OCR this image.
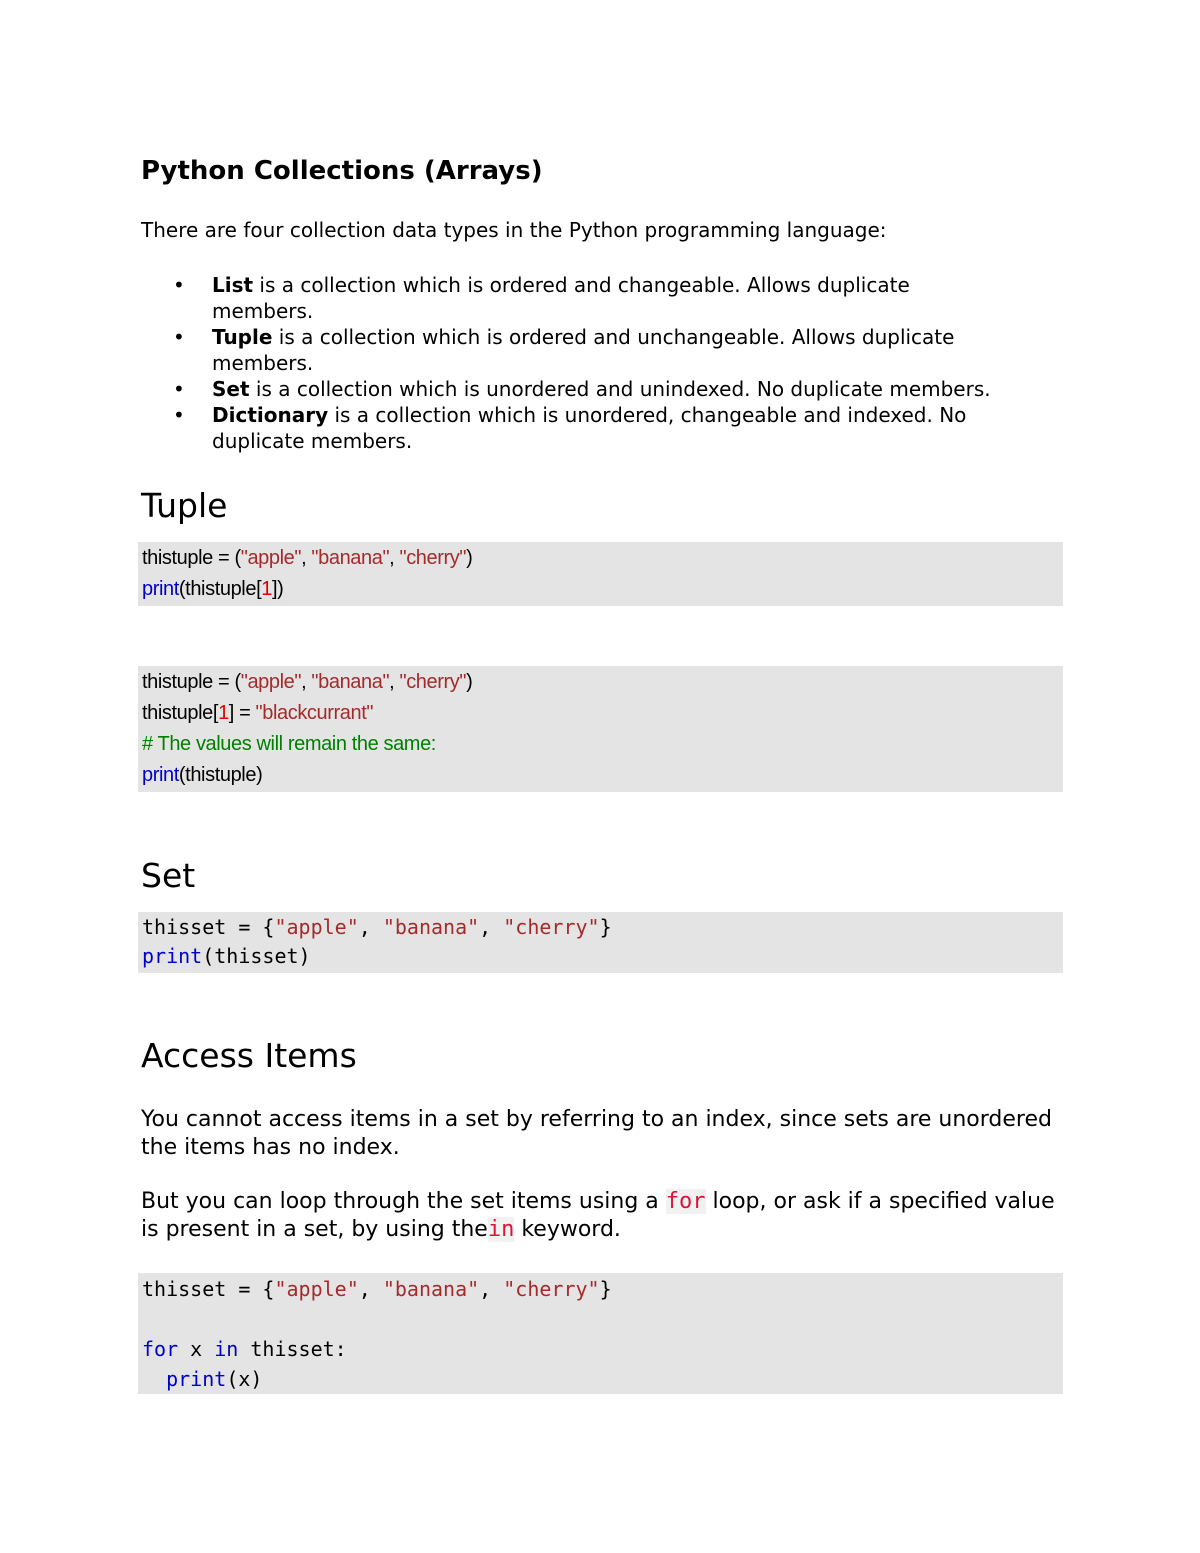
Python Collections (Arrays)

There are four collection data types in the Python programming language:

• List is a collection which is ordered and changeable. Allows duplicate
members.
• Tuple is a collection which is ordered and unchangeable. Allows duplicate
members.
• Set is a collection which is unordered and unindexed. No duplicate members.
• Dictionary is a collection which is unordered, changeable and indexed. No
duplicate members.
Tuple
thistuple = ("apple", "banana", "cherry")
print(thistuple[1])
thistuple = ("apple", "banana", "cherry")
thistuple[1] = "blackcurrant"
# The values will remain the same:
print(thistuple)
Set
thisset = {"apple", "banana", "cherry"}
print(thisset)
Access Items

You cannot access items in a set by referring to an index, since sets are unordered the items has no index.

But you can loop through the set items using a for loop, or ask if a specified value is present in a set, by using thein keyword.

thisset = {"apple", "banana", "cherry"}

for x in thisset:
print(x)
